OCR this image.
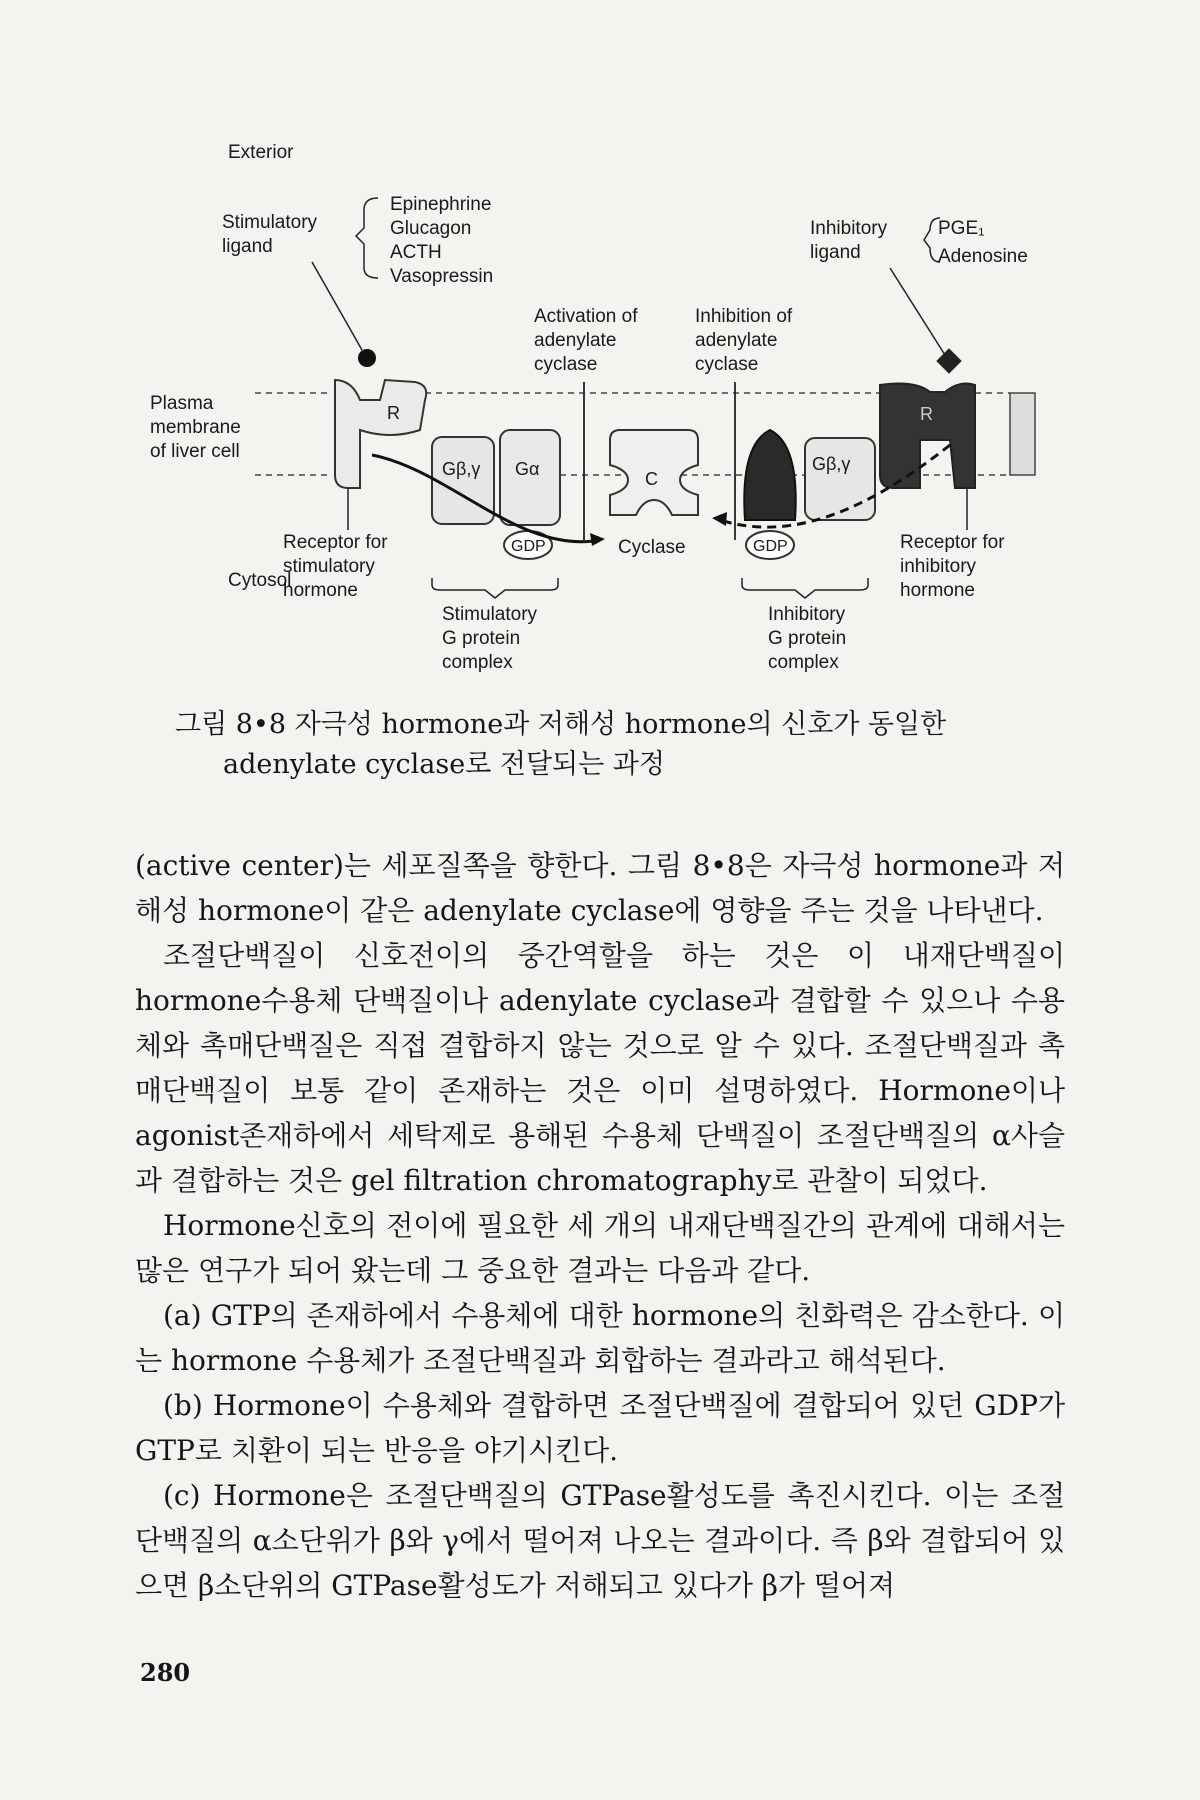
Exterior
Cytosol
Stimulatory
ligand
Epinephrine
Glucagon
ACTH
Vasopressin
Inhibitory
ligand
PGE₁
Adenosine
Activation of
adenylate
cyclase
Inhibition of
adenylate
cyclase
Plasma
membrane
of liver cell
R
Gβ,γ Gα
GDP
C
Cyclase
Gβ,γ
GDP
R
Receptor for
stimulatory
hormone
Receptor for
inhibitory
hormone
Stimulatory
G protein
complex
Inhibitory
G protein
complex
그림 8•8 자극성 hormone과 저해성 hormone의 신호가 동일한
adenylate cyclase로 전달되는 과정

(active center)는 세포질쪽을 향한다. 그림 8•8은 자극성 hormone과 저해성 hormone이 같은 adenylate cyclase에 영향을 주는 것을 나타낸다.

조절단백질이 신호전이의 중간역할을 하는 것은 이 내재단백질이 hormone수용체 단백질이나 adenylate cyclase과 결합할 수 있으나 수용체와 촉매단백질은 직접 결합하지 않는 것으로 알 수 있다. 조절단백질과 촉매단백질이 보통 같이 존재하는 것은 이미 설명하였다. Hormone이나 agonist존재하에서 세탁제로 용해된 수용체 단백질이 조절단백질의 α사슬과 결합하는 것은 gel filtration chromatography로 관찰이 되었다.

Hormone신호의 전이에 필요한 세 개의 내재단백질간의 관계에 대해서는 많은 연구가 되어 왔는데 그 중요한 결과는 다음과 같다.

(a) GTP의 존재하에서 수용체에 대한 hormone의 친화력은 감소한다. 이는 hormone 수용체가 조절단백질과 회합하는 결과라고 해석된다.

(b) Hormone이 수용체와 결합하면 조절단백질에 결합되어 있던 GDP가 GTP로 치환이 되는 반응을 야기시킨다.

(c) Hormone은 조절단백질의 GTPase활성도를 촉진시킨다. 이는 조절단백질의 α소단위가 β와 γ에서 떨어져 나오는 결과이다. 즉 β와 결합되어 있으면 β소단위의 GTPase활성도가 저해되고 있다가 β가 떨어져

280
